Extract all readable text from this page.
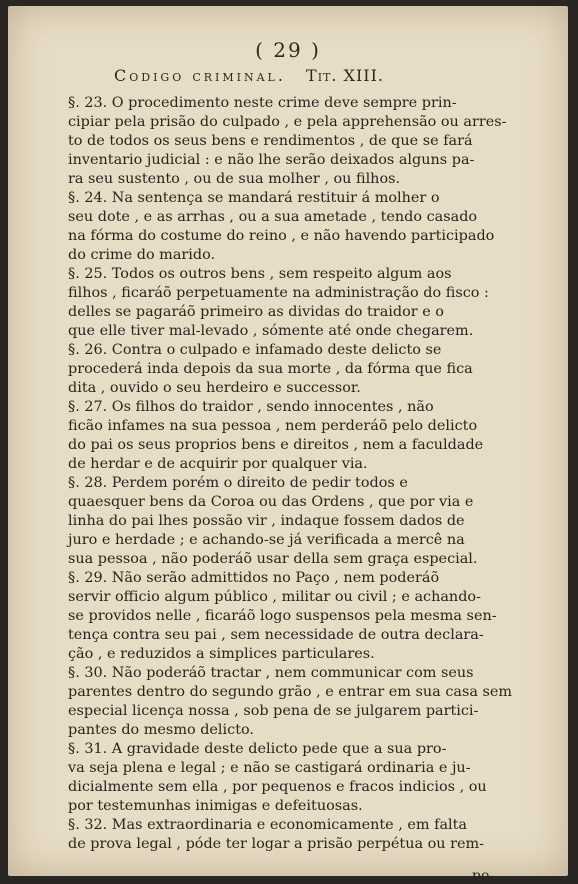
( 29 )
Codigo criminal. Tit. XIII.
§. 23. O procedimento neste crime deve sempre prin-
cipiar pela prisão do culpado , e pela apprehensão ou arres-
to de todos os seus bens e rendimentos , de que se fará
inventario judicial : e não lhe serão deixados alguns pa-
ra seu sustento , ou de sua molher , ou filhos.
§. 24. Na sentença se mandará restituir á molher o
seu dote , e as arrhas , ou a sua ametade , tendo casado
na fórma do costume do reino , e não havendo participado
do crime do marido.
§. 25. Todos os outros bens , sem respeito algum aos
filhos , ficaráõ perpetuamente na administração do fisco :
delles se pagaráõ primeiro as dividas do traidor e o
que elle tiver mal-levado , sómente até onde chegarem.
§. 26. Contra o culpado e infamado deste delicto se
procederá inda depois da sua morte , da fórma que fica
dita , ouvido o seu herdeiro e successor.
§. 27. Os filhos do traidor , sendo innocentes , não
ficão infames na sua pessoa , nem perderáõ pelo delicto
do pai os seus proprios bens e direitos , nem a faculdade
de herdar e de acquirir por qualquer via.
§. 28. Perdem porém o direito de pedir todos e
quaesquer bens da Coroa ou das Ordens , que por via e
linha do pai lhes possão vir , indaque fossem dados de
juro e herdade ; e achando-se já verificada a mercê na
sua pessoa , não poderáõ usar della sem graça especial.
§. 29. Não serão admittidos no Paço , nem poderáõ
servir officio algum público , militar ou civil ; e achando-
se providos nelle , ficaráõ logo suspensos pela mesma sen-
tença contra seu pai , sem necessidade de outra declara-
ção , e reduzidos a simplices particulares.
§. 30. Não poderáõ tractar , nem communicar com seus
parentes dentro do segundo grão , e entrar em sua casa sem
especial licença nossa , sob pena de se julgarem partici-
pantes do mesmo delicto.
§. 31. A gravidade deste delicto pede que a sua pro-
va seja plena e legal ; e não se castigará ordinaria e ju-
dicialmente sem ella , por pequenos e fracos indicios , ou
por testemunhas inimigas e defeituosas.
§. 32. Mas extraordinaria e economicamente , em falta
de prova legal , póde ter logar a prisão perpétua ou rem-
po-
